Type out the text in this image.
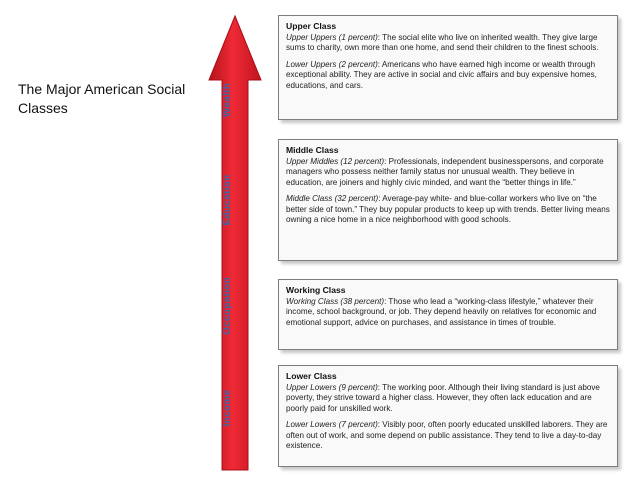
The Major American Social Classes	Wealth
Education
Occupation
Income
Upper Class

Upper Uppers (1 percent): The social elite who live on inherited wealth. They give large sums to charity, own more than one home, and send their children to the finest schools.

Lower Uppers (2 percent): Americans who have earned high income or wealth through exceptional ability. They are active in social and civic affairs and buy expensive homes, educations, and cars.

Middle Class

Upper Middles (12 percent): Professionals, independent businesspersons, and corporate managers who possess neither family status nor unusual wealth. They believe in education, are joiners and highly civic minded, and want the “better things in life.”

Middle Class (32 percent): Average-pay white- and blue-collar workers who live on “the better side of town.” They buy popular products to keep up with trends. Better living means owning a nice home in a nice neighborhood with good schools.

Working Class

Working Class (38 percent): Those who lead a “working-class lifestyle,” whatever their income, school background, or job. They depend heavily on relatives for economic and emotional support, advice on purchases, and assistance in times of trouble.

Lower Class

Upper Lowers (9 percent): The working poor. Although their living standard is just above poverty, they strive toward a higher class. However, they often lack education and are poorly paid for unskilled work.

Lower Lowers (7 percent): Visibly poor, often poorly educated unskilled laborers. They are often out of work, and some depend on public assistance. They tend to live a day-to-day existence.
